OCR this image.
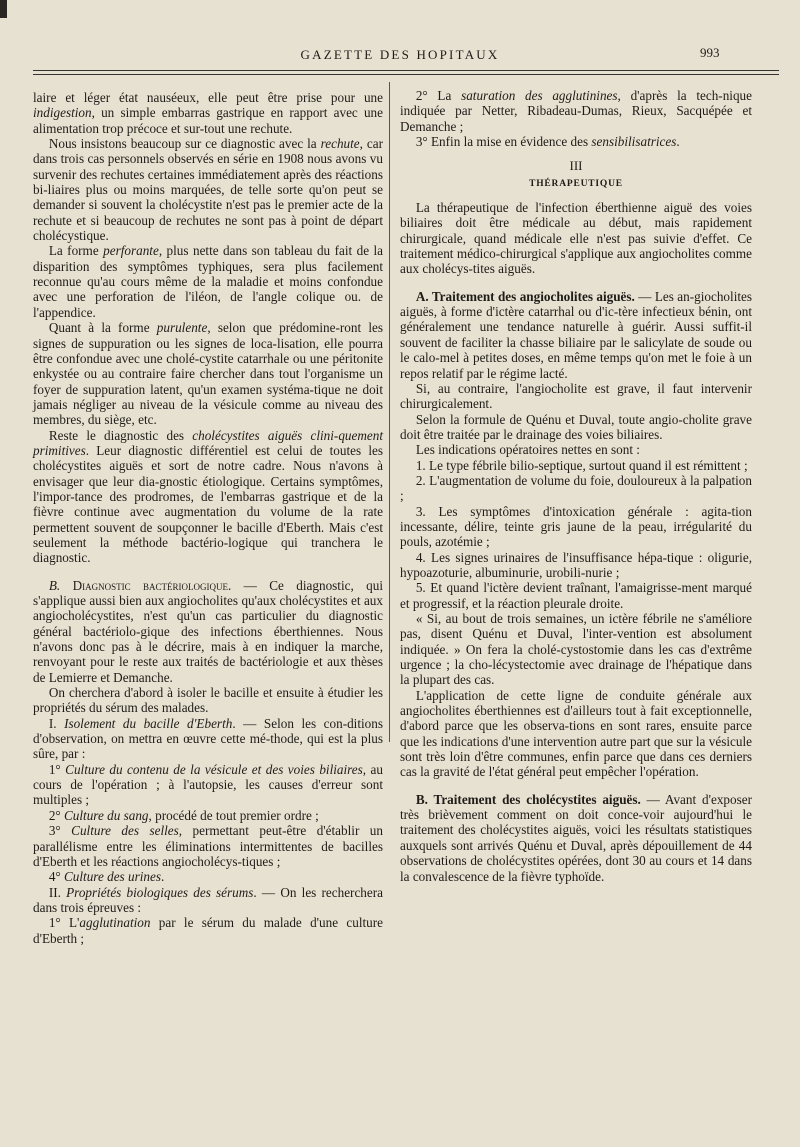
GAZETTE DES HOPITAUX	993

laire et léger état nauséeux, elle peut être prise pour une indigestion, un simple embarras gastrique en rapport avec une alimentation trop précoce et sur-tout une rechute.

Nous insistons beaucoup sur ce diagnostic avec la rechute, car dans trois cas personnels observés en série en 1908 nous avons vu survenir des rechutes certaines immédiatement après des réactions bi-liaires plus ou moins marquées, de telle sorte qu'on peut se demander si souvent la cholécystite n'est pas le premier acte de la rechute et si beaucoup de rechutes ne sont pas à point de départ cholécystique.

La forme perforante, plus nette dans son tableau du fait de la disparition des symptômes typhiques, sera plus facilement reconnue qu'au cours même de la maladie et moins confondue avec une perforation de l'iléon, de l'angle colique ou. de l'appendice.

Quant à la forme purulente, selon que prédomine-ront les signes de suppuration ou les signes de loca-lisation, elle pourra être confondue avec une cholé-cystite catarrhale ou une péritonite enkystée ou au contraire faire chercher dans tout l'organisme un foyer de suppuration latent, qu'un examen systéma-tique ne doit jamais négliger au niveau de la vésicule comme au niveau des membres, du siège, etc.

Reste le diagnostic des cholécystites aiguës clini-quement primitives. Leur diagnostic différentiel est celui de toutes les cholécystites aiguës et sort de notre cadre. Nous n'avons à envisager que leur dia-gnostic étiologique. Certains symptômes, l'impor-tance des prodromes, de l'embarras gastrique et de la fièvre continue avec augmentation du volume de la rate permettent souvent de soupçonner le bacille d'Eberth. Mais c'est seulement la méthode bactério-logique qui tranchera le diagnostic.

B. Diagnostic bactériologique. — Ce diagnostic, qui s'applique aussi bien aux angiocholites qu'aux cholécystites et aux angiocholécystites, n'est qu'un cas particulier du diagnostic général bactériolo-gique des infections éberthiennes. Nous n'avons donc pas à le décrire, mais à en indiquer la marche, renvoyant pour le reste aux traités de bactériologie et aux thèses de Lemierre et Demanche.

On cherchera d'abord à isoler le bacille et ensuite à étudier les propriétés du sérum des malades.

I. Isolement du bacille d'Eberth. — Selon les con-ditions d'observation, on mettra en œuvre cette mé-thode, qui est la plus sûre, par :

1° Culture du contenu de la vésicule et des voies biliaires, au cours de l'opération ; à l'autopsie, les causes d'erreur sont multiples ;

2° Culture du sang, procédé de tout premier ordre ;

3° Culture des selles, permettant peut-être d'établir un parallélisme entre les éliminations intermittentes de bacilles d'Eberth et les réactions angiocholécys-tiques ;

4° Culture des urines.

II. Propriétés biologiques des sérums. — On les recherchera dans trois épreuves :

1° L'agglutination par le sérum du malade d'une culture d'Eberth ;

2° La saturation des agglutinines, d'après la tech-nique indiquée par Netter, Ribadeau-Dumas, Rieux, Sacquépée et Demanche ;

3° Enfin la mise en évidence des sensibilisatrices.

III
THÉRAPEUTIQUE

La thérapeutique de l'infection éberthienne aiguë des voies biliaires doit être médicale au début, mais rapidement chirurgicale, quand médicale elle n'est pas suivie d'effet. Ce traitement médico-chirurgical s'applique aux angiocholites comme aux cholécys-tites aiguës.

A. Traitement des angiocholites aiguës. — Les an-giocholites aiguës, à forme d'ictère catarrhal ou d'ic-tère infectieux bénin, ont généralement une tendance naturelle à guérir. Aussi suffit-il souvent de faciliter la chasse biliaire par le salicylate de soude ou le calo-mel à petites doses, en même temps qu'on met le foie à un repos relatif par le régime lacté.

Si, au contraire, l'angiocholite est grave, il faut intervenir chirurgicalement.

Selon la formule de Quénu et Duval, toute angio-cholite grave doit être traitée par le drainage des voies biliaires.

Les indications opératoires nettes en sont :

1. Le type fébrile bilio-septique, surtout quand il est rémittent ;

2. L'augmentation de volume du foie, douloureux à la palpation ;

3. Les symptômes d'intoxication générale : agita-tion incessante, délire, teinte gris jaune de la peau, irrégularité du pouls, azotémie ;

4. Les signes urinaires de l'insuffisance hépa-tique : oligurie, hypoazoturie, albuminurie, urobili-nurie ;

5. Et quand l'ictère devient traînant, l'amaigrisse-ment marqué et progressif, et la réaction pleurale droite.

« Si, au bout de trois semaines, un ictère fébrile ne s'améliore pas, disent Quénu et Duval, l'inter-vention est absolument indiquée. » On fera la cholé-cystostomie dans les cas d'extrême urgence ; la cho-lécystectomie avec drainage de l'hépatique dans la plupart des cas.

L'application de cette ligne de conduite générale aux angiocholites éberthiennes est d'ailleurs tout à fait exceptionnelle, d'abord parce que les observa-tions en sont rares, ensuite parce que les indications d'une intervention autre part que sur la vésicule sont très loin d'être communes, enfin parce que dans ces derniers cas la gravité de l'état général peut empêcher l'opération.

B. Traitement des cholécystites aiguës. — Avant d'exposer très brièvement comment on doit conce-voir aujourd'hui le traitement des cholécystites aiguës, voici les résultats statistiques auxquels sont arrivés Quénu et Duval, après dépouillement de 44 observations de cholécystites opérées, dont 30 au cours et 14 dans la convalescence de la fièvre typhoïde.
